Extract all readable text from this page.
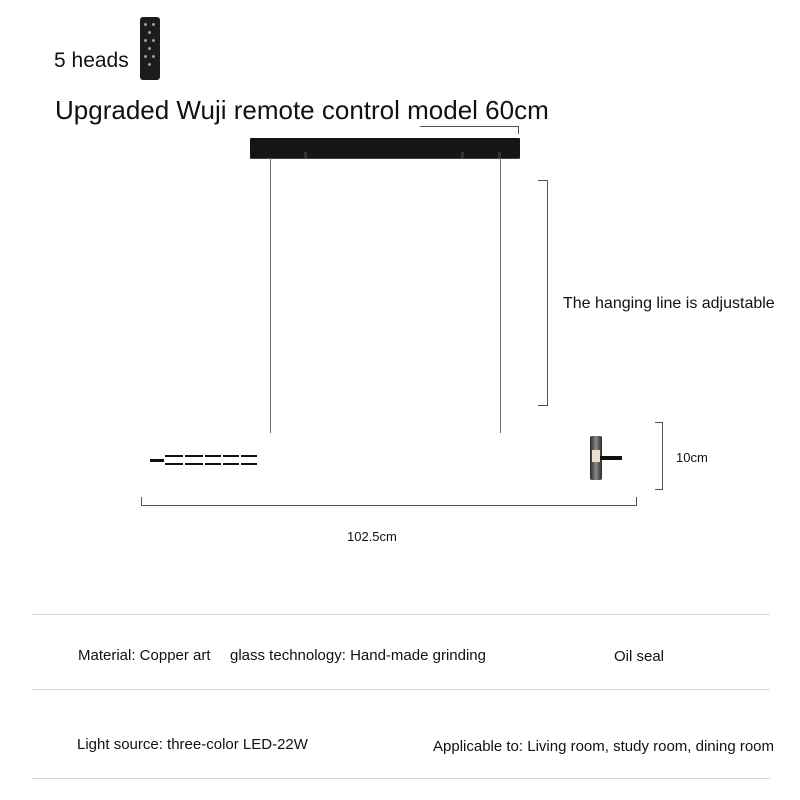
5 heads
Upgraded Wuji remote control model 60cm
The hanging line is adjustable
10cm
102.5cm
Material: Copper art glass technology: Hand-made grinding	Oil seal
Light source: three-color LED-22W	Applicable to: Living room, study room, dining room
